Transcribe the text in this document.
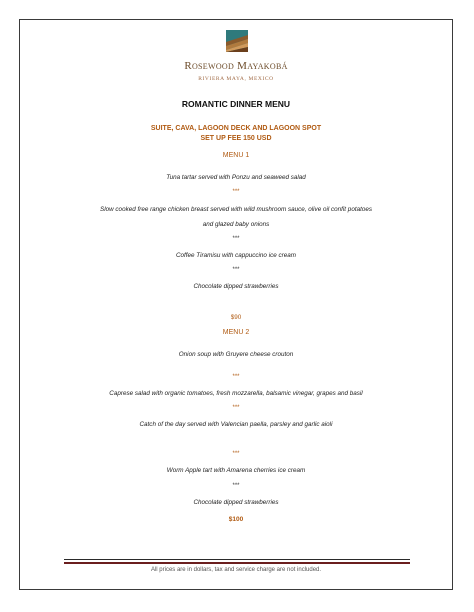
Rosewood Mayakobá

RIVIERA MAYA, MEXICO

ROMANTIC DINNER MENU

SUITE, CAVA, LAGOON DECK AND LAGOON SPOT

SET UP FEE 150 USD

MENU 1

Tuna tartar served with Ponzu and seaweed salad

***

Slow cooked free range chicken breast served with wild mushroom sauce, olive oil confit potatoes

and glazed baby onions

***

Coffee Tiramisu with cappuccino ice cream

***

Chocolate dipped strawberries

$90

MENU 2

Onion soup with Gruyere cheese crouton

***

Caprese salad with organic tomatoes, fresh mozzarella, balsamic vinegar, grapes and basil

***

Catch of the day served with Valencian paella, parsley and garlic aioli

***

Worm Apple tart with Amarena cherries ice cream

***

Chocolate dipped strawberries

$100

All prices are in dollars, tax and service charge are not included.
